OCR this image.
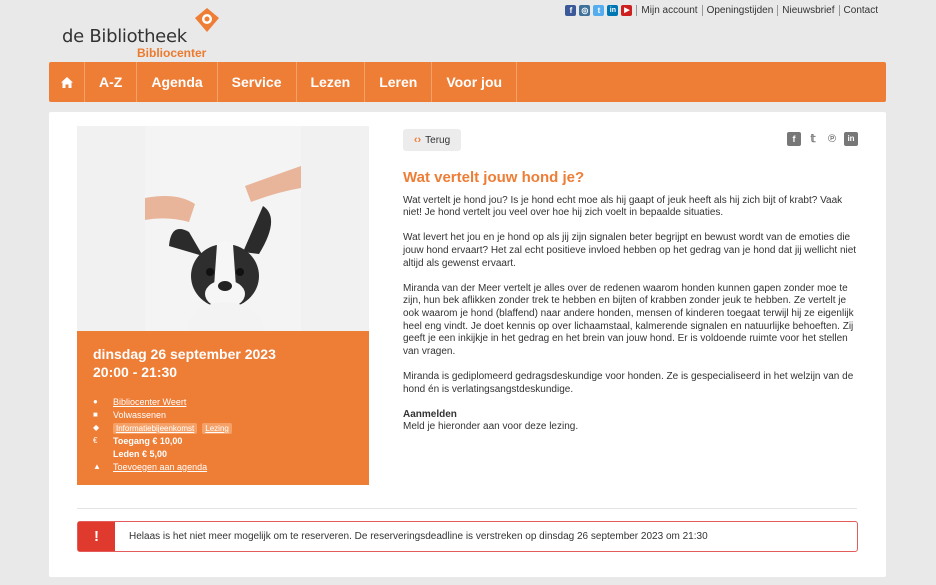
f	◎	t	in	▶	Mijn account Openingstijden Nieuwsbrief Contact
de Bibliotheek
Bibliocenter
A-Z	Agenda	Service	Lezen	Leren	Voor jou
dinsdag 26 september 2023
20:00 - 21:30
●	Bibliocenter Weert
■	Volwassenen
◆	Informatiebijeenkomst	Lezing
€	Toegang € 10,00
Leden € 5,00
▲	Toevoegen aan agenda
‹› Terug	f	𝕥	℗	in
Wat vertelt jouw hond je?

Wat vertelt je hond jou? Is je hond echt moe als hij gaapt of jeuk heeft als hij zich bijt of krabt? Vaak niet! Je hond vertelt jou veel over hoe hij zich voelt in bepaalde situaties.

Wat levert het jou en je hond op als jij zijn signalen beter begrijpt en bewust wordt van de emoties die jouw hond ervaart? Het zal echt positieve invloed hebben op het gedrag van je hond dat jij wellicht niet altijd als gewenst ervaart.

Miranda van der Meer vertelt je alles over de redenen waarom honden kunnen gapen zonder moe te zijn, hun bek aflikken zonder trek te hebben en bijten of krabben zonder jeuk te hebben. Ze vertelt je ook waarom je hond (blaffend) naar andere honden, mensen of kinderen toegaat terwijl hij ze eigenlijk heel eng vindt. Je doet kennis op over lichaamstaal, kalmerende signalen en natuurlijke behoeften. Zij geeft je een inkijkje in het gedrag en het brein van jouw hond. Er is voldoende ruimte voor het stellen van vragen.

Miranda is gediplomeerd gedragsdeskundige voor honden. Ze is gespecialiseerd in het welzijn van de hond én is verlatingsangstdeskundige.

Aanmelden

Meld je hieronder aan voor deze lezing.

!	Helaas is het niet meer mogelijk om te reserveren. De reserveringsdeadline is verstreken op dinsdag 26 september 2023 om 21:30
